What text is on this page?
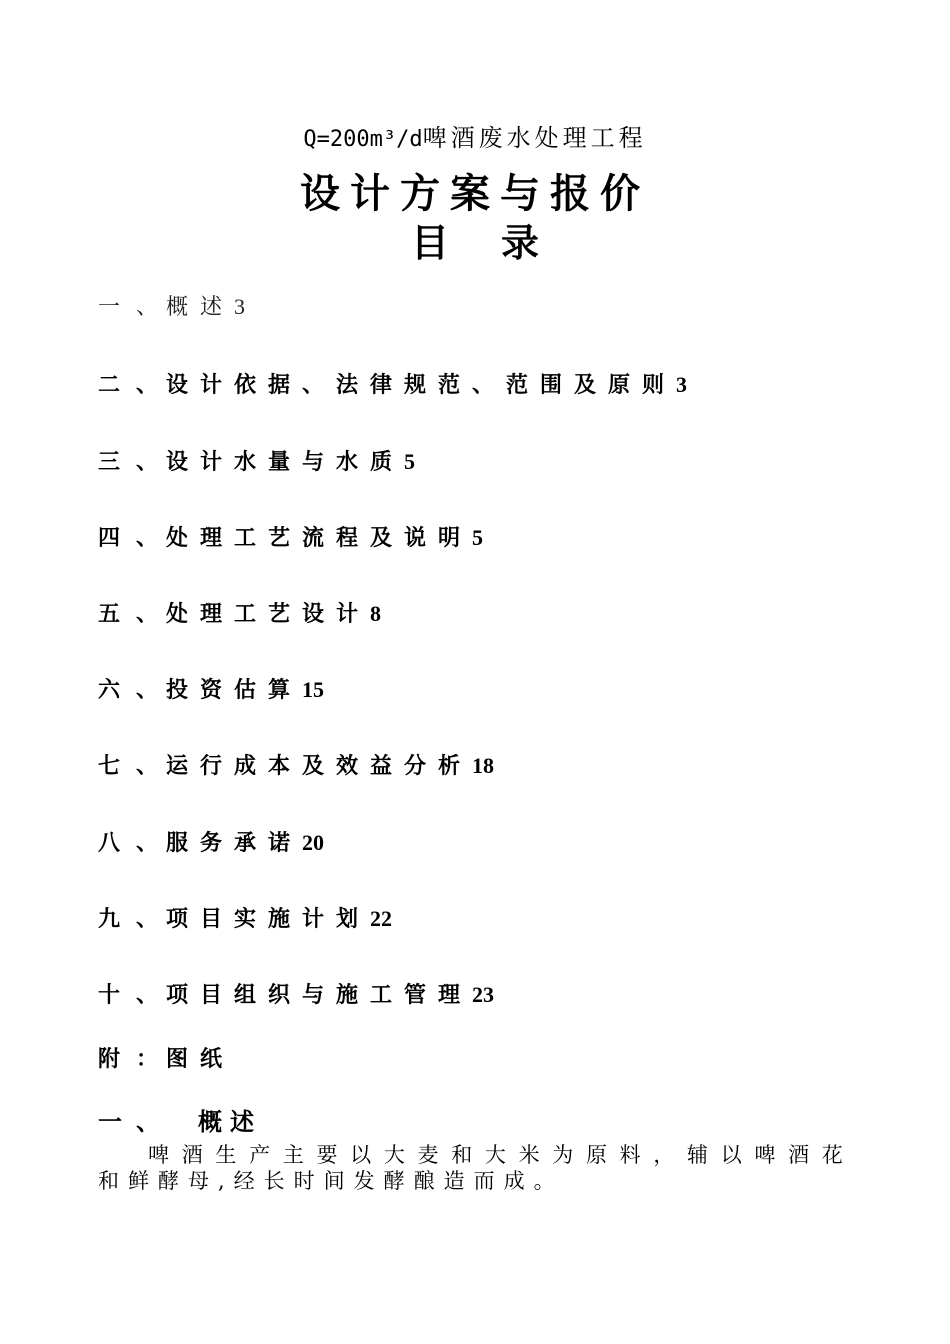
Q=200m³/d啤酒废水处理工程
设计方案与报价
目录
一、概述3
二、设计依据、法律规范、范围及原则3
三、设计水量与水质5
四、处理工艺流程及说明5
五、处理工艺设计8
六、投资估算15
七、运行成本及效益分析18
八、服务承诺20
九、项目实施计划22
十、项目组织与施工管理23
附：图纸
一、 概述
啤 酒 生 产 主 要 以 大 麦 和 大 米 为 原 料 ， 辅 以 啤 酒 花
和鲜酵母,经长时间发酵酿造而成。
